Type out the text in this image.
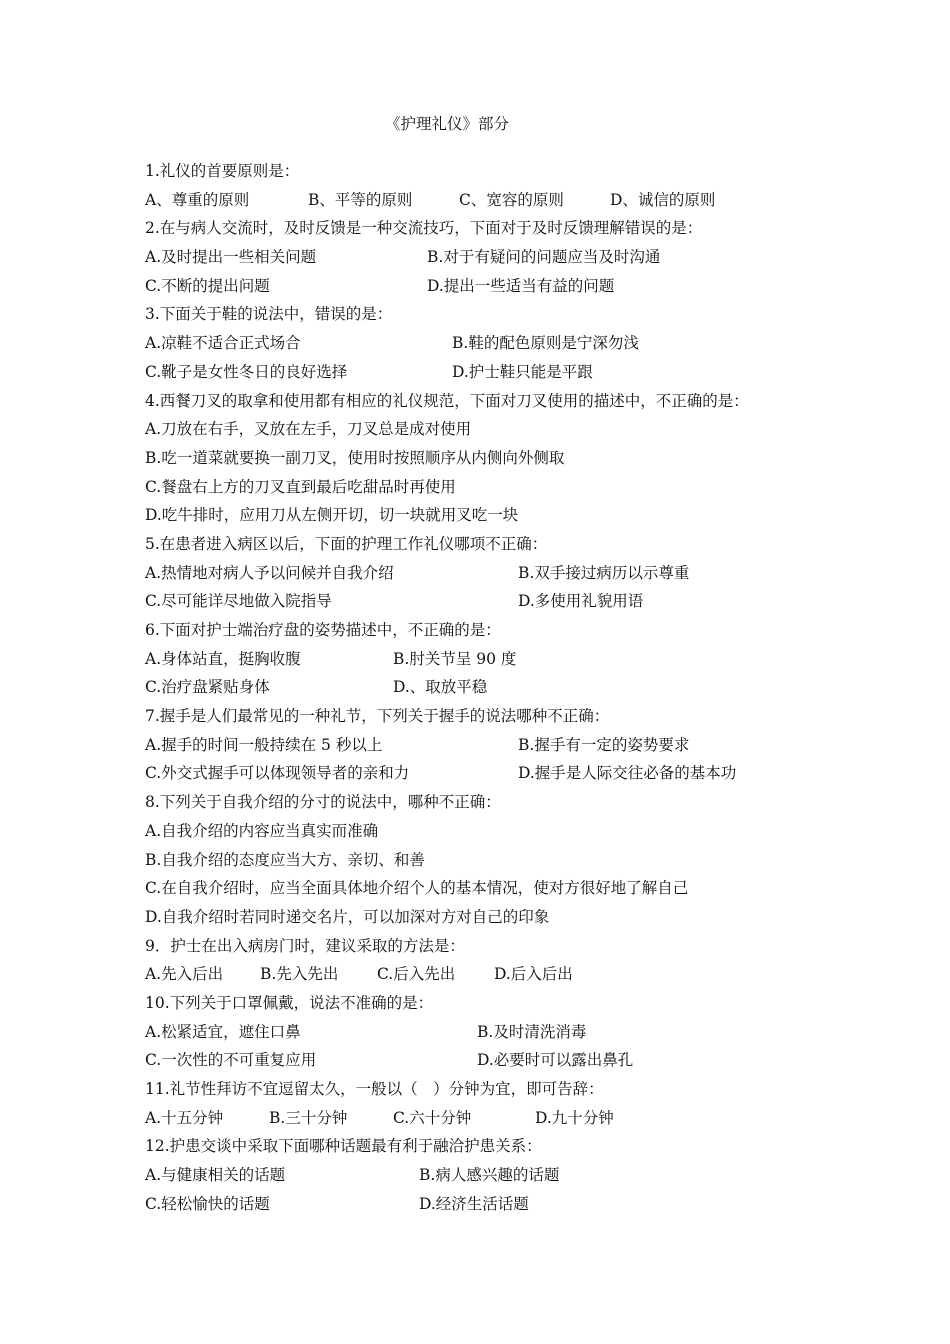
《护理礼仪》部分
1.礼仪的首要原则是：
A、尊重的原则	B、平等的原则	C、宽容的原则	D、诚信的原则
2.在与病人交流时，及时反馈是一种交流技巧，下面对于及时反馈理解错误的是：
A.及时提出一些相关问题	B.对于有疑问的问题应当及时沟通
C.不断的提出问题	D.提出一些适当有益的问题
3.下面关于鞋的说法中，错误的是：
A.凉鞋不适合正式场合	B.鞋的配色原则是宁深勿浅
C.靴子是女性冬日的良好选择	D.护士鞋只能是平跟
4.西餐刀叉的取拿和使用都有相应的礼仪规范，下面对刀叉使用的描述中，不正确的是：
A.刀放在右手，叉放在左手，刀叉总是成对使用
B.吃一道菜就要换一副刀叉，使用时按照顺序从内侧向外侧取
C.餐盘右上方的刀叉直到最后吃甜品时再使用
D.吃牛排时，应用刀从左侧开切，切一块就用叉吃一块
5.在患者进入病区以后，下面的护理工作礼仪哪项不正确：
A.热情地对病人予以问候并自我介绍	B.双手接过病历以示尊重
C.尽可能详尽地做入院指导	D.多使用礼貌用语
6.下面对护士端治疗盘的姿势描述中，不正确的是：
A.身体站直，挺胸收腹	B.肘关节呈 90 度
C.治疗盘紧贴身体	D.、取放平稳
7.握手是人们最常见的一种礼节，下列关于握手的说法哪种不正确：
A.握手的时间一般持续在 5 秒以上	B.握手有一定的姿势要求
C.外交式握手可以体现领导者的亲和力	D.握手是人际交往必备的基本功
8.下列关于自我介绍的分寸的说法中，哪种不正确：
A.自我介绍的内容应当真实而准确
B.自我介绍的态度应当大方、亲切、和善
C.在自我介绍时，应当全面具体地介绍个人的基本情况，使对方很好地了解自己
D.自我介绍时若同时递交名片，可以加深对方对自己的印象
9．护士在出入病房门时，建议采取的方法是：
A.先入后出 B.先入先出 C.后入先出	D.后入后出
10.下列关于口罩佩戴，说法不准确的是：
A.松紧适宜，遮住口鼻	B.及时清洗消毒
C.一次性的不可重复应用	D.必要时可以露出鼻孔
11.礼节性拜访不宜逗留太久，一般以（　）分钟为宜，即可告辞：
A.十五分钟	B.三十分钟	C.六十分钟	D.九十分钟
12.护患交谈中采取下面哪种话题最有利于融洽护患关系：
A.与健康相关的话题	B.病人感兴趣的话题
C.轻松愉快的话题	D.经济生活话题
